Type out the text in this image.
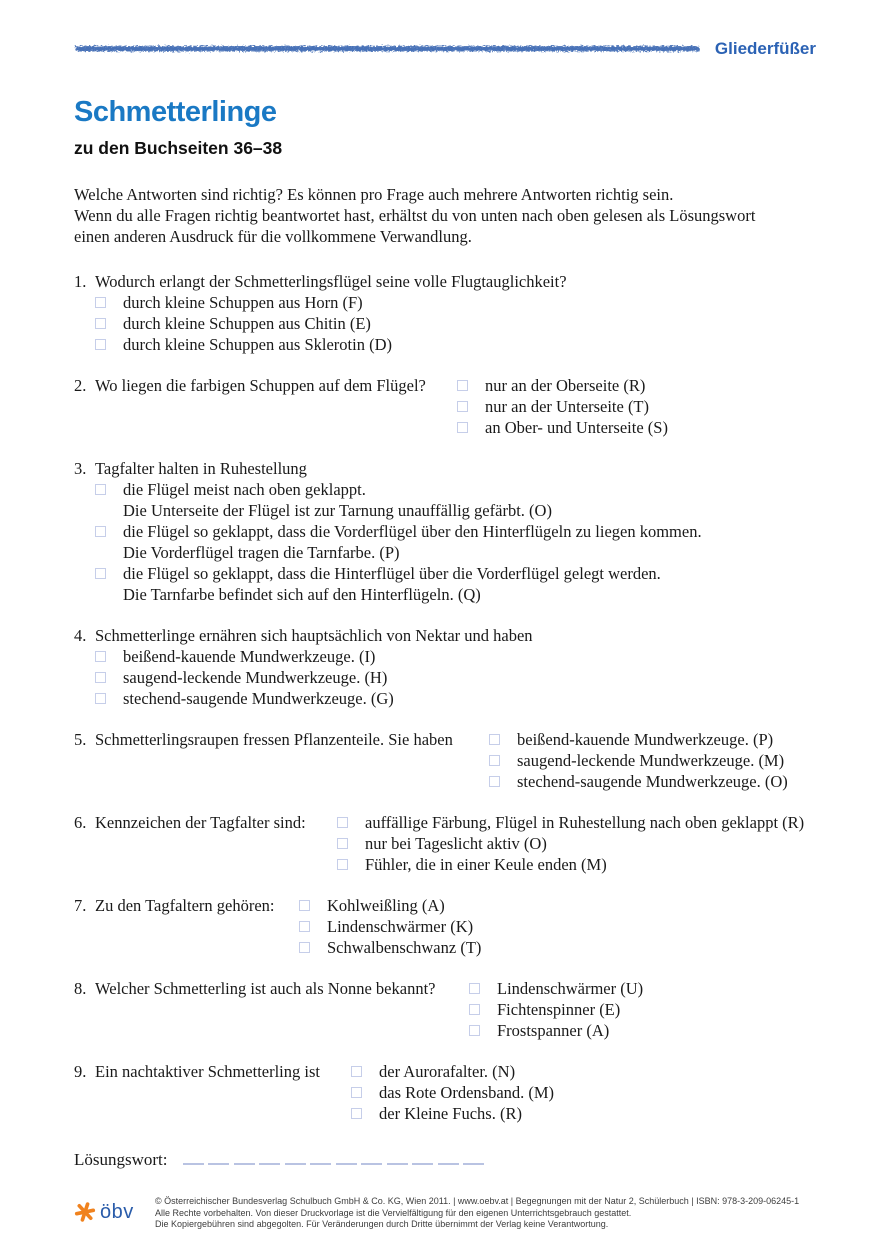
Gliederfüßer
Schmetterlinge
zu den Buchseiten 36–38
Welche Antworten sind richtig? Es können pro Frage auch mehrere Antworten richtig sein.
Wenn du alle Fragen richtig beantwortet hast, erhältst du von unten nach oben gelesen als Lösungswort
einen anderen Ausdruck für die vollkommene Verwandlung.
1. Wodurch erlangt der Schmetterlingsflügel seine volle Flugtauglichkeit?
durch kleine Schuppen aus Horn (F)
durch kleine Schuppen aus Chitin (E)
durch kleine Schuppen aus Sklerotin (D)
2. Wo liegen die farbigen Schuppen auf dem Flügel?	nur an der Oberseite (R)
nur an der Unterseite (T)
an Ober- und Unterseite (S)
3. Tagfalter halten in Ruhestellung
die Flügel meist nach oben geklappt.
Die Unterseite der Flügel ist zur Tarnung unauffällig gefärbt. (O)
die Flügel so geklappt, dass die Vorderflügel über den Hinterflügeln zu liegen kommen.
Die Vorderflügel tragen die Tarnfarbe. (P)
die Flügel so geklappt, dass die Hinterflügel über die Vorderflügel gelegt werden.
Die Tarnfarbe befindet sich auf den Hinterflügeln. (Q)
4. Schmetterlinge ernähren sich hauptsächlich von Nektar und haben
beißend-kauende Mundwerkzeuge. (I)
saugend-leckende Mundwerkzeuge. (H)
stechend-saugende Mundwerkzeuge. (G)
5. Schmetterlingsraupen fressen Pflanzenteile. Sie haben	beißend-kauende Mundwerkzeuge. (P)
saugend-leckende Mundwerkzeuge. (M)
stechend-saugende Mundwerkzeuge. (O)
6. Kennzeichen der Tagfalter sind:	auffällige Färbung, Flügel in Ruhestellung nach oben geklappt (R)
nur bei Tageslicht aktiv (O)
Fühler, die in einer Keule enden (M)
7. Zu den Tagfaltern gehören:	Kohlweißling (A)
Lindenschwärmer (K)
Schwalbenschwanz (T)
8. Welcher Schmetterling ist auch als Nonne bekannt?	Lindenschwärmer (U)
Fichtenspinner (E)
Frostspanner (A)
9. Ein nachtaktiver Schmetterling ist	der Aurorafalter. (N)
das Rote Ordensband. (M)
der Kleine Fuchs. (R)
Lösungswort:
öbv © Österreichischer Bundesverlag Schulbuch GmbH & Co. KG, Wien 2011. | www.oebv.at | Begegnungen mit der Natur 2, Schülerbuch | ISBN: 978-3-209-06245-1
Alle Rechte vorbehalten. Von dieser Druckvorlage ist die Vervielfältigung für den eigenen Unterrichtsgebrauch gestattet.
Die Kopiergebühren sind abgegolten. Für Veränderungen durch Dritte übernimmt der Verlag keine Verantwortung.
